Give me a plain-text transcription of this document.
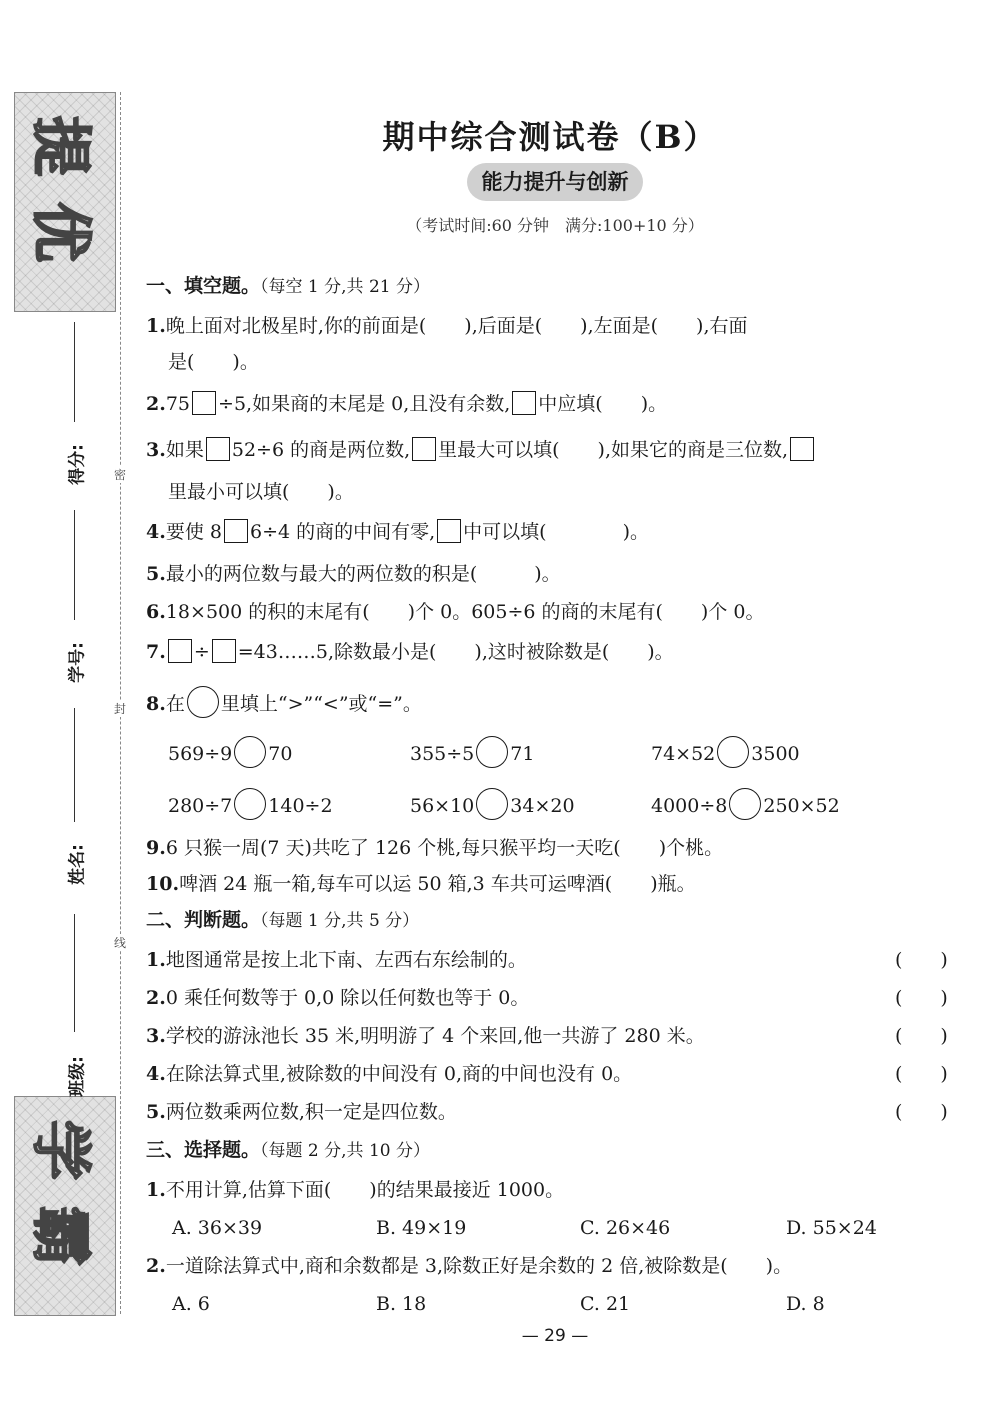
提优
学霸
得分:
学号:
姓名:
班级:
密
封
线
期中综合测试卷（B）
能力提升与创新
（考试时间:60 分钟　满分:100+10 分）
一、填空题。（每空 1 分,共 21 分）
1.晚上面对北极星时,你的前面是(　　),后面是(　　),左面是(　　),右面
是(　　)。
2.75 ÷5,如果商的末尾是 0,且没有余数, 中应填(　　)。
3.如果 52÷6 的商是两位数, 里最大可以填(　　),如果它的商是三位数,
里最小可以填(　　)。
4.要使 8 6÷4 的商的中间有零, 中可以填(　　　　)。
5.最小的两位数与最大的两位数的积是(　　　)。
6.18×500 的积的末尾有(　　)个 0。605÷6 的商的末尾有(　　)个 0。
7. ÷ =43……5,除数最小是(　　),这时被除数是(　　)。
8.在 里填上“>”“<”或“=”。
569÷9 70	355÷5 71	74×52 3500
280÷7 140÷2	56×10 34×20	4000÷8 250×52
9.6 只猴一周(7 天)共吃了 126 个桃,每只猴平均一天吃(　　)个桃。
10.啤酒 24 瓶一箱,每车可以运 50 箱,3 车共可运啤酒(　　)瓶。
二、判断题。（每题 1 分,共 5 分）
1.地图通常是按上北下南、左西右东绘制的。	(　　)
2.0 乘任何数等于 0,0 除以任何数也等于 0。	(　　)
3.学校的游泳池长 35 米,明明游了 4 个来回,他一共游了 280 米。	(　　)
4.在除法算式里,被除数的中间没有 0,商的中间也没有 0。	(　　)
5.两位数乘两位数,积一定是四位数。	(　　)
三、选择题。（每题 2 分,共 10 分）
1.不用计算,估算下面(　　)的结果最接近 1000。
A. 36×39	B. 49×19	C. 26×46	D. 55×24
2.一道除法算式中,商和余数都是 3,除数正好是余数的 2 倍,被除数是(　　)。
A. 6	B. 18	C. 21	D. 8
— 29 —
